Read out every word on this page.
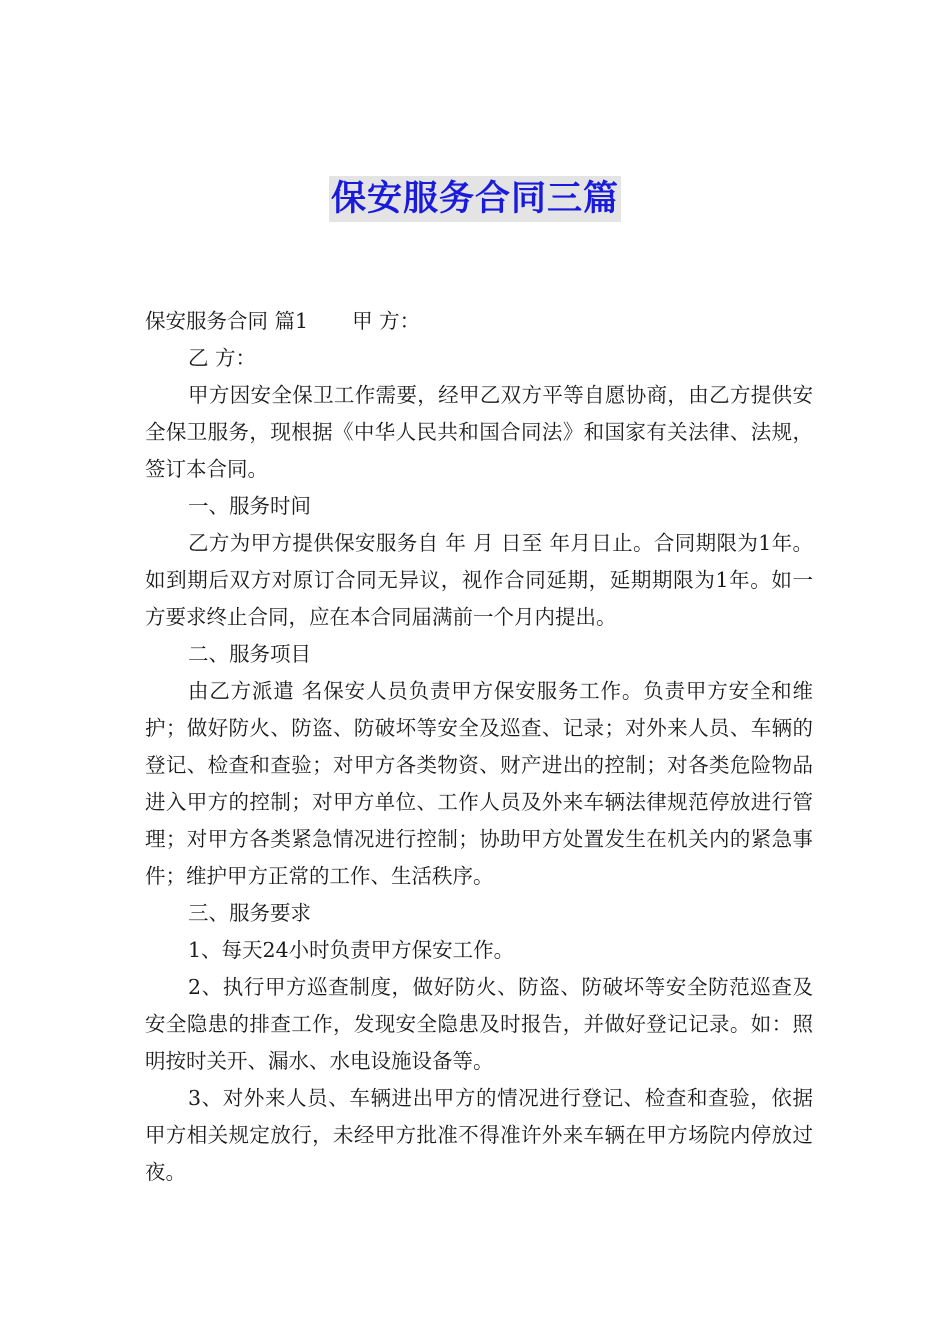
保安服务合同三篇

保安服务合同 篇1 甲 方：

乙 方：

甲方因安全保卫工作需要，经甲乙双方平等自愿协商，由乙方提供安全保卫服务，现根据《中华人民共和国合同法》和国家有关法律、法规，签订本合同。

一、服务时间

乙方为甲方提供保安服务自 年 月 日至 年月日止。合同期限为1年。如到期后双方对原订合同无异议，视作合同延期，延期期限为1年。如一方要求终止合同，应在本合同届满前一个月内提出。

二、服务项目

由乙方派遣 名保安人员负责甲方保安服务工作。负责甲方安全和维护；做好防火、防盗、防破坏等安全及巡查、记录；对外来人员、车辆的登记、检查和查验；对甲方各类物资、财产进出的控制；对各类危险物品进入甲方的控制；对甲方单位、工作人员及外来车辆法律规范停放进行管理；对甲方各类紧急情况进行控制；协助甲方处置发生在机关内的紧急事件；维护甲方正常的工作、生活秩序。

三、服务要求

1、每天24小时负责甲方保安工作。

2、执行甲方巡查制度，做好防火、防盗、防破坏等安全防范巡查及安全隐患的排查工作，发现安全隐患及时报告，并做好登记记录。如：照明按时关开、漏水、水电设施设备等。

3、对外来人员、车辆进出甲方的情况进行登记、检查和查验，依据甲方相关规定放行，未经甲方批准不得准许外来车辆在甲方场院内停放过夜。
